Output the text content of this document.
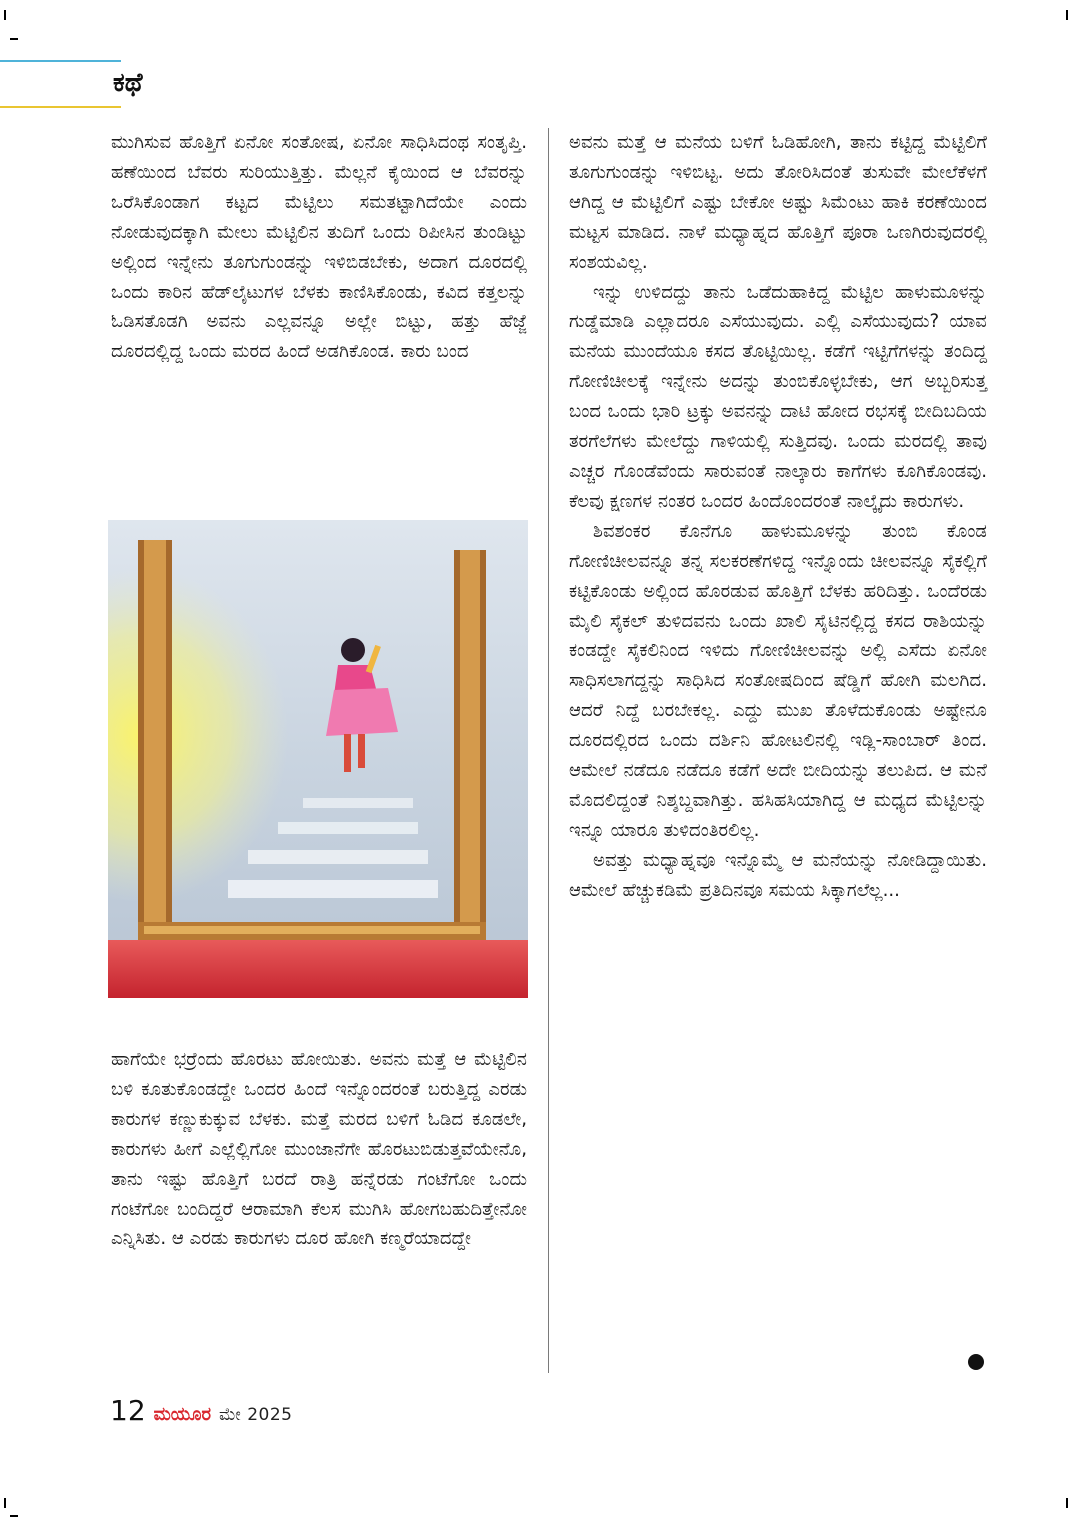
ಕಥೆ

ಮುಗಿಸುವ ಹೊತ್ತಿಗೆ ಏನೋ ಸಂತೋಷ, ಏನೋ ಸಾಧಿಸಿದಂಥ ಸಂತೃಪ್ತಿ. ಹಣೆಯಿಂದ ಬೆವರು ಸುರಿಯುತ್ತಿತ್ತು. ಮೆಲ್ಲನೆ ಕೈಯಿಂದ ಆ ಬೆವರನ್ನು ಒರೆಸಿಕೊಂಡಾಗ ಕಟ್ಟದ ಮೆಟ್ಟಿಲು ಸಮತಟ್ಟಾಗಿದೆಯೇ ಎಂದು ನೋಡುವುದಕ್ಕಾಗಿ ಮೇಲು ಮೆಟ್ಟಿಲಿನ ತುದಿಗೆ ಒಂದು ರಿಪೀಸಿನ ತುಂಡಿಟ್ಟು ಅಲ್ಲಿಂದ ಇನ್ನೇನು ತೂಗುಗುಂಡನ್ನು ಇಳಿಬಿಡಬೇಕು, ಅದಾಗ ದೂರದಲ್ಲಿ ಒಂದು ಕಾರಿನ ಹೆಡ್‌ಲೈಟುಗಳ ಬೆಳಕು ಕಾಣಿಸಿಕೊಂಡು, ಕವಿದ ಕತ್ತಲನ್ನು ಓಡಿಸತೊಡಗಿ ಅವನು ಎಲ್ಲವನ್ನೂ ಅಲ್ಲೇ ಬಿಟ್ಟು, ಹತ್ತು ಹೆಜ್ಜೆ ದೂರದಲ್ಲಿದ್ದ ಒಂದು ಮರದ ಹಿಂದೆ ಅಡಗಿಕೊಂಡ. ಕಾರು ಬಂದ

ಹಾಗೆಯೇ ಭರ್ರೆಂದು ಹೊರಟು ಹೋಯಿತು. ಅವನು ಮತ್ತೆ ಆ ಮೆಟ್ಟಿಲಿನ ಬಳಿ ಕೂತುಕೊಂಡದ್ದೇ ಒಂದರ ಹಿಂದೆ ಇನ್ನೊಂದರಂತೆ ಬರುತ್ತಿದ್ದ ಎರಡು ಕಾರುಗಳ ಕಣ್ಣುಕುಕ್ಕುವ ಬೆಳಕು. ಮತ್ತೆ ಮರದ ಬಳಿಗೆ ಓಡಿದ ಕೂಡಲೇ, ಕಾರುಗಳು ಹೀಗೆ ಎಲ್ಲೆಲ್ಲಿಗೋ ಮುಂಜಾನೆಗೇ ಹೊರಟುಬಿಡುತ್ತವೆಯೇನೊ, ತಾನು ಇಷ್ಟು ಹೊತ್ತಿಗೆ ಬರದೆ ರಾತ್ರಿ ಹನ್ನೆರಡು ಗಂಟೆಗೋ ಒಂದು ಗಂಟೆಗೋ ಬಂದಿದ್ದರೆ ಆರಾಮಾಗಿ ಕೆಲಸ ಮುಗಿಸಿ ಹೋಗಬಹುದಿತ್ತೇನೋ ಎನ್ನಿಸಿತು. ಆ ಎರಡು ಕಾರುಗಳು ದೂರ ಹೋಗಿ ಕಣ್ಮರೆಯಾದದ್ದೇ

ಅವನು ಮತ್ತೆ ಆ ಮನೆಯ ಬಳಿಗೆ ಓಡಿಹೋಗಿ, ತಾನು ಕಟ್ಟಿದ್ದ ಮೆಟ್ಟಿಲಿಗೆ ತೂಗುಗುಂಡನ್ನು ಇಳಿಬಿಟ್ಟ. ಅದು ತೋರಿಸಿದಂತೆ ತುಸುವೇ ಮೇಲೆಕೆಳಗೆ ಆಗಿದ್ದ ಆ ಮೆಟ್ಟಿಲಿಗೆ ಎಷ್ಟು ಬೇಕೋ ಅಷ್ಟು ಸಿಮೆಂಟು ಹಾಕಿ ಕರಣೆಯಿಂದ ಮಟ್ಟಸ ಮಾಡಿದ. ನಾಳೆ ಮಧ್ಯಾಹ್ನದ ಹೊತ್ತಿಗೆ ಪೂರಾ ಒಣಗಿರುವುದರಲ್ಲಿ ಸಂಶಯವಿಲ್ಲ.

ಇನ್ನು ಉಳಿದದ್ದು ತಾನು ಒಡೆದುಹಾಕಿದ್ದ ಮೆಟ್ಟಿಲ ಹಾಳುಮೂಳನ್ನು ಗುಡ್ಡೆಮಾಡಿ ಎಲ್ಲಾದರೂ ಎಸೆಯುವುದು. ಎಲ್ಲಿ ಎಸೆಯುವುದು? ಯಾವ ಮನೆಯ ಮುಂದೆಯೂ ಕಸದ ತೊಟ್ಟಿಯಿಲ್ಲ. ಕಡೆಗೆ ಇಟ್ಟಿಗೆಗಳನ್ನು ತಂದಿದ್ದ ಗೋಣಿಚೀಲಕ್ಕೆ ಇನ್ನೇನು ಅದನ್ನು ತುಂಬಿಕೊಳ್ಳಬೇಕು, ಆಗ ಅಬ್ಬರಿಸುತ್ತ ಬಂದ ಒಂದು ಭಾರಿ ಟ್ರಕ್ಕು ಅವನನ್ನು ದಾಟಿ ಹೋದ ರಭಸಕ್ಕೆ ಬೀದಿಬದಿಯ ತರಗೆಲೆಗಳು ಮೇಲೆದ್ದು ಗಾಳಿಯಲ್ಲಿ ಸುತ್ತಿದವು. ಒಂದು ಮರದಲ್ಲಿ ತಾವು ಎಚ್ಚರ ಗೊಂಡೆವೆಂದು ಸಾರುವಂತೆ ನಾಲ್ಕಾರು ಕಾಗೆಗಳು ಕೂಗಿಕೊಂಡವು. ಕೆಲವು ಕ್ಷಣಗಳ ನಂತರ ಒಂದರ ಹಿಂದೊಂದರಂತೆ ನಾಲ್ಕೈದು ಕಾರುಗಳು.

ಶಿವಶಂಕರ ಕೊನೆಗೂ ಹಾಳುಮೂಳನ್ನು ತುಂಬಿ ಕೊಂಡ ಗೋಣಿಚೀಲವನ್ನೂ ತನ್ನ ಸಲಕರಣೆಗಳಿದ್ದ ಇನ್ನೊಂದು ಚೀಲವನ್ನೂ ಸೈಕಲ್ಲಿಗೆ ಕಟ್ಟಿಕೊಂಡು ಅಲ್ಲಿಂದ ಹೊರಡುವ ಹೊತ್ತಿಗೆ ಬೆಳಕು ಹರಿದಿತ್ತು. ಒಂದೆರಡು ಮೈಲಿ ಸೈಕಲ್ ತುಳಿದವನು ಒಂದು ಖಾಲಿ ಸೈಟಿನಲ್ಲಿದ್ದ ಕಸದ ರಾಶಿಯನ್ನು ಕಂಡದ್ದೇ ಸೈಕಲಿನಿಂದ ಇಳಿದು ಗೋಣಿಚೀಲವನ್ನು ಅಲ್ಲಿ ಎಸೆದು ಏನೋ ಸಾಧಿಸಲಾಗದ್ದನ್ನು ಸಾಧಿಸಿದ ಸಂತೋಷದಿಂದ ಷೆಡ್ಡಿಗೆ ಹೋಗಿ ಮಲಗಿದ. ಆದರೆ ನಿದ್ದೆ ಬರಬೇಕಲ್ಲ. ಎದ್ದು ಮುಖ ತೊಳೆದುಕೊಂಡು ಅಷ್ಟೇನೂ ದೂರದಲ್ಲಿರದ ಒಂದು ದರ್ಶಿನಿ ಹೋಟಲಿನಲ್ಲಿ ಇಡ್ಲಿ-ಸಾಂಬಾರ್ ತಿಂದ. ಆಮೇಲೆ ನಡೆದೂ ನಡೆದೂ ಕಡೆಗೆ ಅದೇ ಬೀದಿಯನ್ನು ತಲುಪಿದ. ಆ ಮನೆ ಮೊದಲಿದ್ದಂತೆ ನಿಶ್ಶಬ್ದವಾಗಿತ್ತು. ಹಸಿಹಸಿಯಾಗಿದ್ದ ಆ ಮಧ್ಯದ ಮೆಟ್ಟಿಲನ್ನು ಇನ್ನೂ ಯಾರೂ ತುಳಿದಂತಿರಲಿಲ್ಲ.

ಅವತ್ತು ಮಧ್ಯಾಹ್ನವೂ ಇನ್ನೊಮ್ಮೆ ಆ ಮನೆಯನ್ನು ನೋಡಿದ್ದಾಯಿತು. ಆಮೇಲೆ ಹೆಚ್ಚುಕಡಿಮೆ ಪ್ರತಿದಿನವೂ ಸಮಯ ಸಿಕ್ಕಾಗಲೆಲ್ಲ...

12 ಮಯೂರ ಮೇ 2025
